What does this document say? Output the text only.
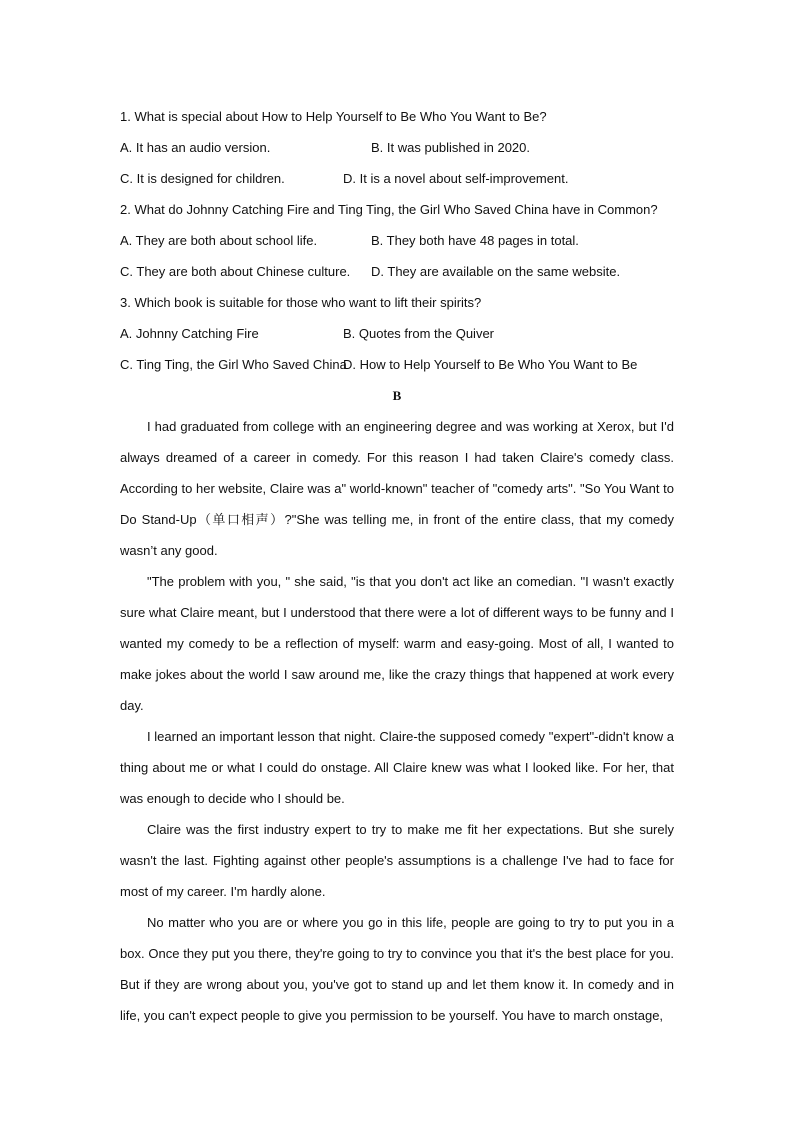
1. What is special about How to Help Yourself to Be Who You Want to Be?
A. It has an audio version.	B. It was published in 2020.
C. It is designed for children.	D. It is a novel about self-improvement.
2. What do Johnny Catching Fire and Ting Ting, the Girl Who Saved China have in Common?
A. They are both about school life.	B. They both have 48 pages in total.
C. They are both about Chinese culture.	D. They are available on the same website.
3. Which book is suitable for those who want to lift their spirits?
A. Johnny Catching Fire	B. Quotes from the Quiver
C. Ting Ting, the Girl Who Saved China
D. How to Help Yourself to Be Who You Want to Be
B

I had graduated from college with an engineering degree and was working at Xerox, but I'd always dreamed of a career in comedy. For this reason I had taken Claire's comedy class. According to her website, Claire was a" world-known" teacher of "comedy arts". "So You Want to Do Stand-Up（单口相声）?"She was telling me, in front of the entire class, that my comedy wasn’t any good.

"The problem with you, " she said, "is that you don't act like an comedian. "I wasn't exactly sure what Claire meant, but I understood that there were a lot of different ways to be funny and I wanted my comedy to be a reflection of myself: warm and easy-going. Most of all, I wanted to make jokes about the world I saw around me, like the crazy things that happened at work every day.

I learned an important lesson that night. Claire-the supposed comedy "expert"-didn't know a thing about me or what I could do onstage. All Claire knew was what I looked like. For her, that was enough to decide who I should be.

Claire was the first industry expert to try to make me fit her expectations. But she surely wasn't the last. Fighting against other people's assumptions is a challenge I've had to face for most of my career. I'm hardly alone.

No matter who you are or where you go in this life, people are going to try to put you in a box. Once they put you there, they're going to try to convince you that it's the best place for you. But if they are wrong about you, you've got to stand up and let them know it. In comedy and in life, you can't expect people to give you permission to be yourself. You have to march onstage,
